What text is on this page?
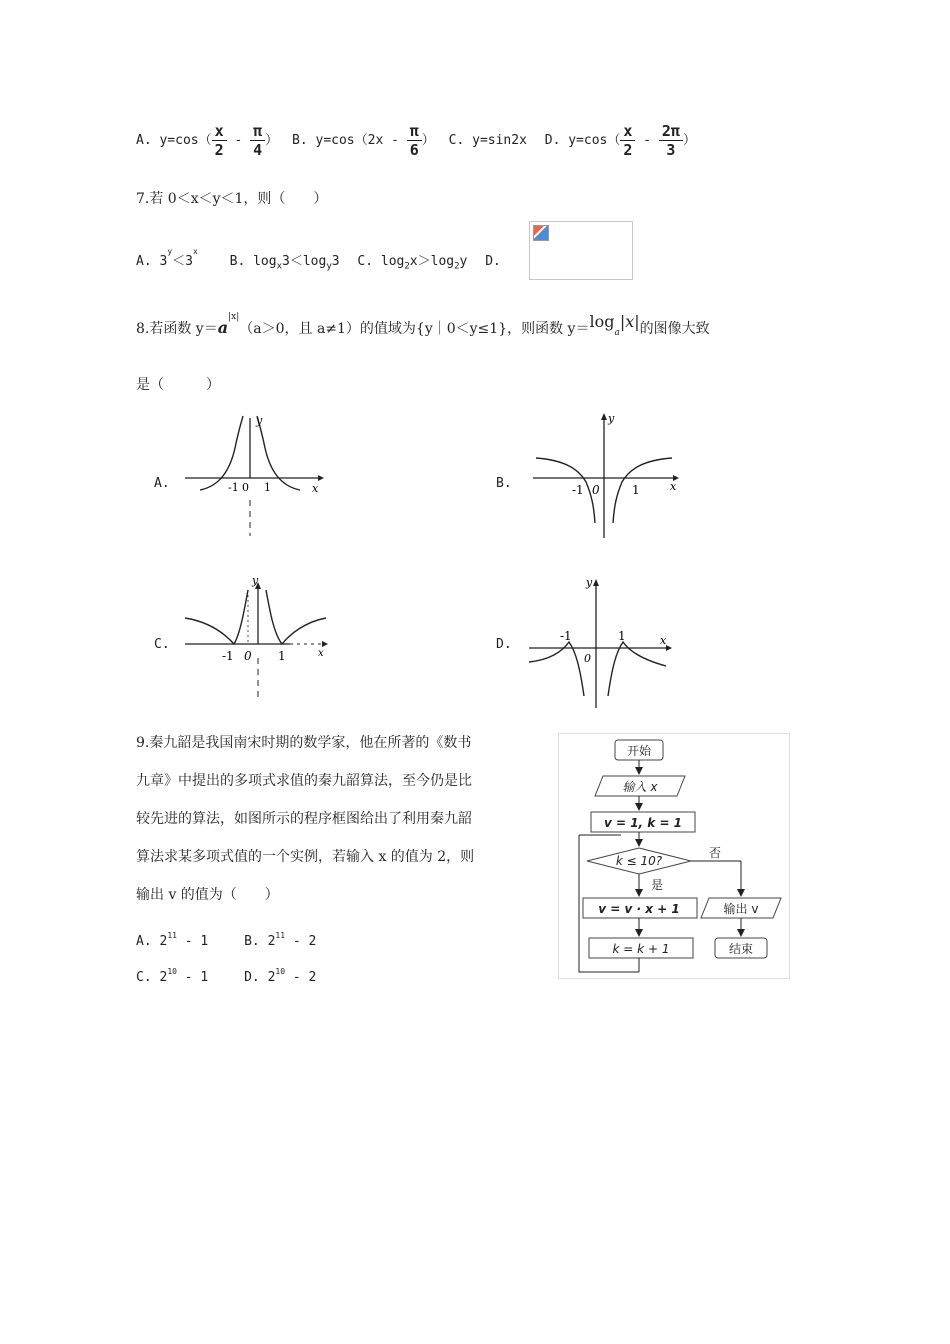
A. $y=\cos( \frac{x}{2} - \frac{\pi}{4}$ ） B. $y=\cos(2x - \frac{\pi}{6}$ ） C. y=sin2x D. $y=\cos( \frac{x}{2} - \frac{2\pi}{3}$ ）
7.若 0＜x＜y＜1，则（　　）
A. $3^y<3^x$ B. $\log_x3<\log_y3$ C. $\log_2x>\log_2y$ D.
8.若函数 $y=a^{|x|}(a>0$，且 a≠1）的值域为{y｜0＜y≤1}，则函数 $y=\log_a|x|$的图像大致
是（　　　）
A.	B.
C.	D.
y
x
-1 0 1
y
x
-1 0	1
y
x
-1 0 1
y
x
-1
0
1
9.秦九韶是我国南宋时期的数学家，他在所著的《数书
九章》中提出的多项式求值的秦九韶算法，至今仍是比
较先进的算法，如图所示的程序框图给出了利用秦九韶
算法求某多项式值的一个实例，若输入 x 的值为 2，则
输出 v 的值为（　　）
A. $2^{11} - 1$	B. $2^{11} - 2$
C. $2^{10} - 1$	D. $2^{10} - 2$
开始
输入 x
v = 1, k = 1
k ≤ 10?
否
是
v = v · x + 1
k = k + 1
输出 v
结束
